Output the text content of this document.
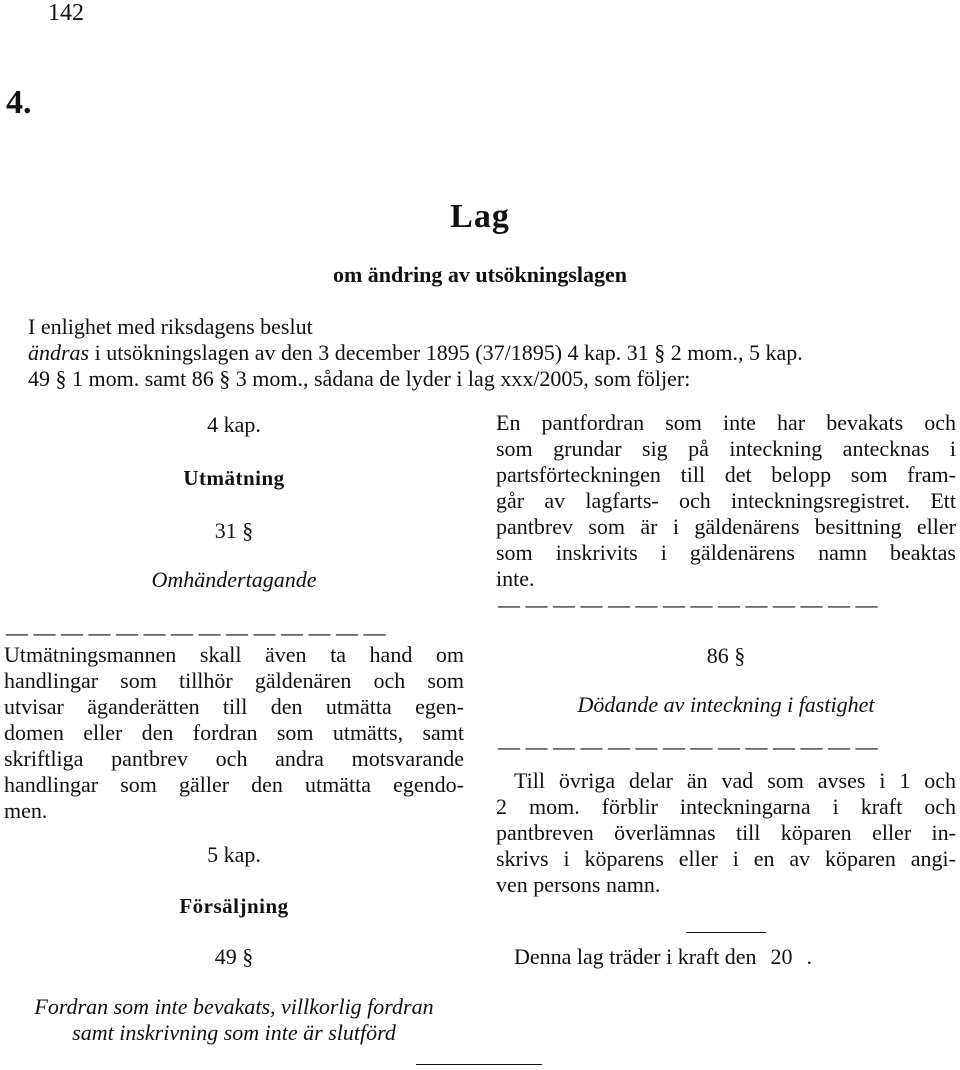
142
4.
Lag
om ändring av utsökningslagen
I enlighet med riksdagens beslut
ändras i utsökningslagen av den 3 december 1895 (37/1895) 4 kap. 31 § 2 mom., 5 kap.
49 § 1 mom. samt 86 § 3 mom., sådana de lyder i lag xxx/2005, som följer:
4 kap.
Utmätning
31 §
Omhändertagande
— — — — — — — — — — — — — —
Utmätningsmannen skall även ta hand om
handlingar som tillhör gäldenären och som
utvisar äganderätten till den utmätta egen-
domen eller den fordran som utmätts, samt
skriftliga pantbrev och andra motsvarande
handlingar som gäller den utmätta egendo-
men.
5 kap.
Försäljning
49 §
Fordran som inte bevakats, villkorlig fordran
samt inskrivning som inte är slutförd
En pantfordran som inte har bevakats och
som grundar sig på inteckning antecknas i
partsförteckningen till det belopp som fram-
går av lagfarts- och inteckningsregistret. Ett
pantbrev som är i gäldenärens besittning eller
som inskrivits i gäldenärens namn beaktas
inte.
— — — — — — — — — — — — — —
86 §
Dödande av inteckning i fastighet
— — — — — — — — — — — — — —
Till övriga delar än vad som avses i 1 och
2 mom. förblir inteckningarna i kraft och
pantbreven överlämnas till köparen eller in-
skrivs i köparens eller i en av köparen angi-
ven persons namn.
Denna lag träder i kraft den 20 .
